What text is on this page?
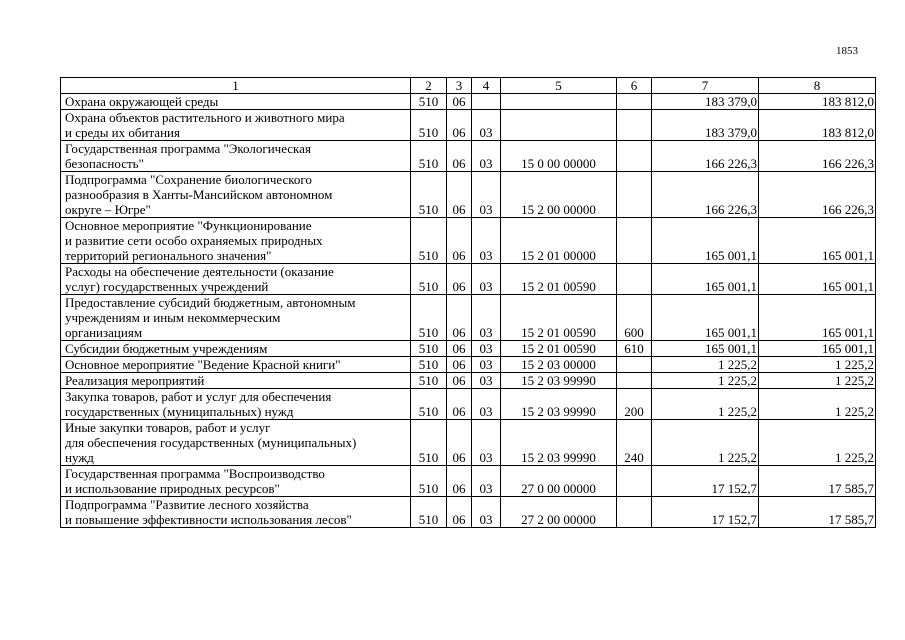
1853
1	2	3	4	5	6	7	8
Охрана окружающей среды	510	06				183 379,0	183 812,0
Охрана объектов растительного и животного мира
и среды их обитания	510	06	03			183 379,0	183 812,0
Государственная программа "Экологическая
безопасность"	510	06	03	15 0 00 00000		166 226,3	166 226,3
Подпрограмма "Сохранение биологического
разнообразия в Ханты-Мансийском автономном
округе – Югре"	510	06	03	15 2 00 00000		166 226,3	166 226,3
Основное мероприятие "Функционирование
и развитие сети особо охраняемых природных
территорий регионального значения"	510	06	03	15 2 01 00000		165 001,1	165 001,1
Расходы на обеспечение деятельности (оказание
услуг) государственных учреждений	510	06	03	15 2 01 00590		165 001,1	165 001,1
Предоставление субсидий бюджетным, автономным
учреждениям и иным некоммерческим
организациям	510	06	03	15 2 01 00590	600	165 001,1	165 001,1
Субсидии бюджетным учреждениям	510	06	03	15 2 01 00590	610	165 001,1	165 001,1
Основное мероприятие "Ведение Красной книги"	510	06	03	15 2 03 00000		1 225,2	1 225,2
Реализация мероприятий	510	06	03	15 2 03 99990		1 225,2	1 225,2
Закупка товаров, работ и услуг для обеспечения
государственных (муниципальных) нужд	510	06	03	15 2 03 99990	200	1 225,2	1 225,2
Иные закупки товаров, работ и услуг
для обеспечения государственных (муниципальных)
нужд	510	06	03	15 2 03 99990	240	1 225,2	1 225,2
Государственная программа "Воспроизводство
и использование природных ресурсов"	510	06	03	27 0 00 00000		17 152,7	17 585,7
Подпрограмма "Развитие лесного хозяйства
и повышение эффективности использования лесов"	510	06	03	27 2 00 00000		17 152,7	17 585,7
